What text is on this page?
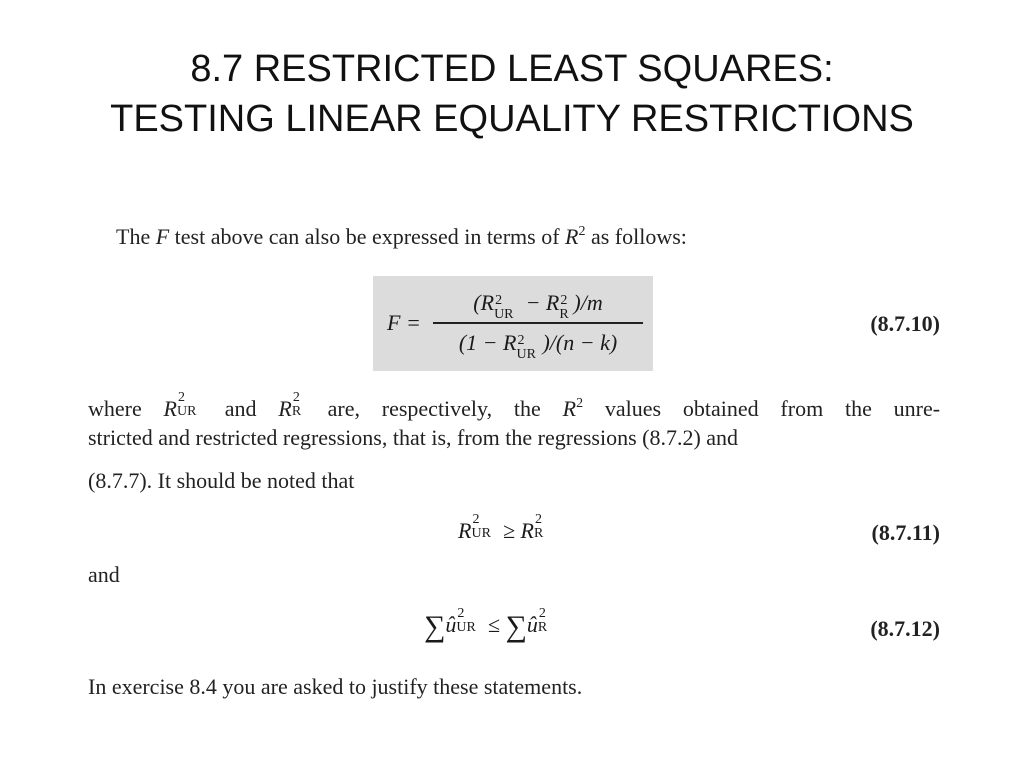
8.7 RESTRICTED LEAST SQUARES:
TESTING LINEAR EQUALITY RESTRICTIONS
The F test above can also be expressed in terms of $R^2$ as follows:
F =
(R 2
UR − R 2
R )/m
(1 − R 2
UR )/(n − k)
(8.7.10)
where R 2
UR and R 2
R are, respectively, the $R^2$ values obtained from the unre-
stricted and restricted regressions, that is, from the regressions (8.7.2) and
(8.7.7). It should be noted that
R 2
UR ≥ R 2
R	(8.7.11)
and
∑û 2
UR ≤ ∑û 2
R	(8.7.12)
In exercise 8.4 you are asked to justify these statements.
